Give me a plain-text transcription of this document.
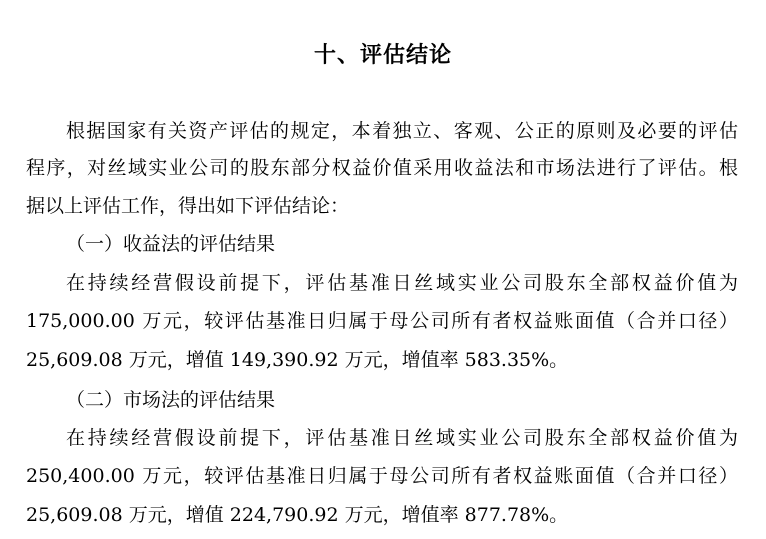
十、评估结论

根据国家有关资产评估的规定，本着独立、客观、公正的原则及必要的评估

程序，对丝域实业公司的股东部分权益价值采用收益法和市场法进行了评估。根

据以上评估工作，得出如下评估结论：

（一）收益法的评估结果

在持续经营假设前提下，评估基准日丝域实业公司股东全部权益价值为

175,000.00 万元，较评估基准日归属于母公司所有者权益账面值（合并口径）

25,609.08 万元，增值 149,390.92 万元，增值率 583.35%。

（二）市场法的评估结果

在持续经营假设前提下，评估基准日丝域实业公司股东全部权益价值为

250,400.00 万元，较评估基准日归属于母公司所有者权益账面值（合并口径）

25,609.08 万元，增值 224,790.92 万元，增值率 877.78%。
